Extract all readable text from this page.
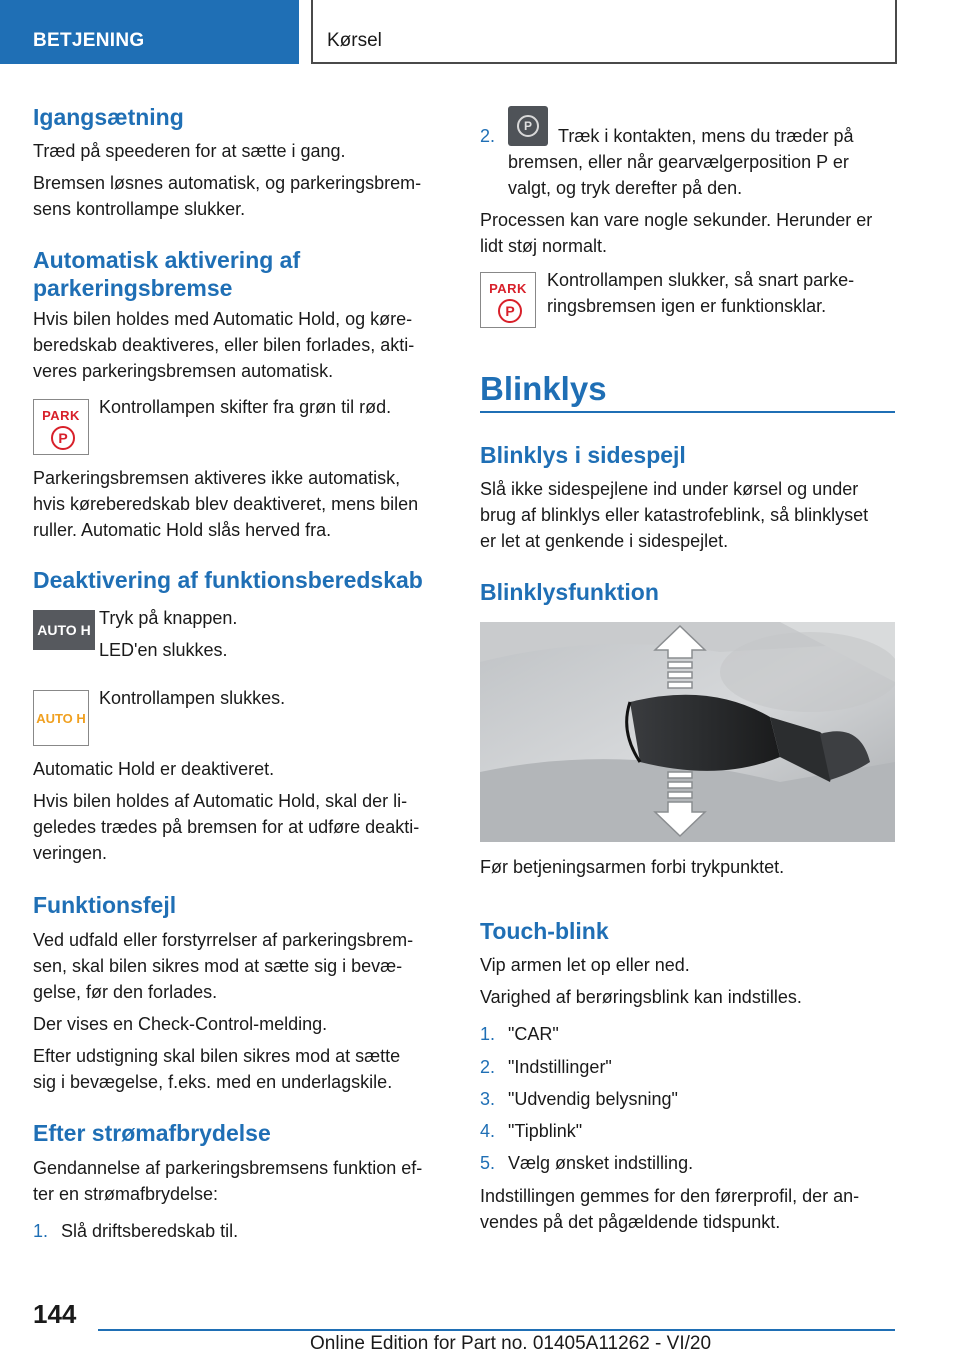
BETJENING	Kørsel
Igangsætning
Træd på speederen for at sætte i gang.
Bremsen løsnes automatisk, og parkeringsbrem-
sens kontrollampe slukker.
Automatisk aktivering af
parkeringsbremse
Hvis bilen holdes med Automatic Hold, og køre-
beredskab deaktiveres, eller bilen forlades, akti-
veres parkeringsbremsen automatisk.
PARK
P
Kontrollampen skifter fra grøn til rød.
Parkeringsbremsen aktiveres ikke automatisk,
hvis køreberedskab blev deaktiveret, mens bilen
ruller. Automatic Hold slås herved fra.
Deaktivering af funktionsberedskab
AUTO H
Tryk på knappen.
LED'en slukkes.
AUTO H
Kontrollampen slukkes.
Automatic Hold er deaktiveret.
Hvis bilen holdes af Automatic Hold, skal der li-
geledes trædes på bremsen for at udføre deakti-
veringen.
Funktionsfejl
Ved udfald eller forstyrrelser af parkeringsbrem-
sen, skal bilen sikres mod at sætte sig i bevæ-
gelse, før den forlades.
Der vises en Check-Control-melding.
Efter udstigning skal bilen sikres mod at sætte
sig i bevægelse, f.eks. med en underlagskile.
Efter strømafbrydelse
Gendannelse af parkeringsbremsens funktion ef-
ter en strømafbrydelse:
1. Slå driftsberedskab til.
2.	P	Træk i kontakten, mens du træder på
bremsen, eller når gearvælgerposition P er
valgt, og tryk derefter på den.
Processen kan vare nogle sekunder. Herunder er
lidt støj normalt.
PARK
P
Kontrollampen slukker, så snart parke-
ringsbremsen igen er funktionsklar.
Blinklys
Blinklys i sidespejl
Slå ikke sidespejlene ind under kørsel og under
brug af blinklys eller katastrofeblink, så blinklyset
er let at genkende i sidespejlet.
Blinklysfunktion
Før betjeningsarmen forbi trykpunktet.
Touch-blink
Vip armen let op eller ned.
Varighed af berøringsblink kan indstilles.
1. "CAR"
2. "Indstillinger"
3. "Udvendig belysning"
4. "Tipblink"
5. Vælg ønsket indstilling.
Indstillingen gemmes for den førerprofil, der an-
vendes på det pågældende tidspunkt.
144
Online Edition for Part no. 01405A11262 - VI/20
